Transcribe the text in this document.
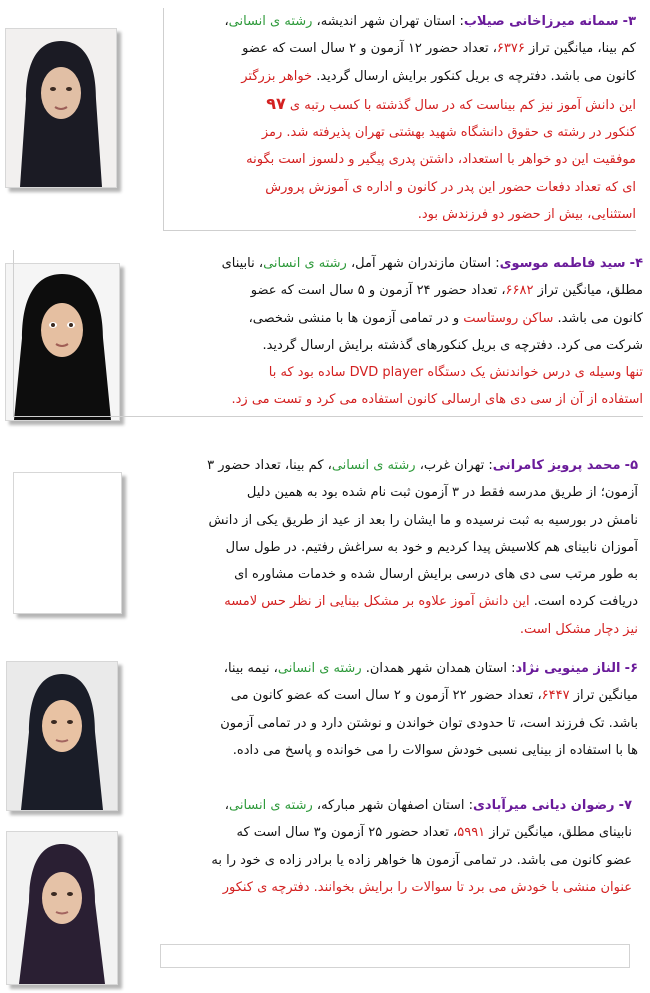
۳- سمانه میرزاخانی صیلاب: استان تهران شهر اندیشه، رشته ی انسانی،
کم بینا، میانگین تراز ۶۳۷۶، تعداد حضور ۱۲ آزمون و ۲ سال است که عضو
کانون می باشد. دفترچه ی بریل کنکور برایش ارسال گردید. خواهر بزرگتر
این دانش آموز نیز کم بیناست که در سال گذشته با کسب رتبه ی ۹۷
کنکور در رشته ی حقوق دانشگاه شهید بهشتی تهران پذیرفته شد. رمز
موفقیت این دو خواهر با استعداد، داشتن پدری پیگیر و دلسوز است بگونه
ای که تعداد دفعات حضور این پدر در کانون و اداره ی آموزش پرورش
استثنایی، بیش از حضور دو فرزندش بود.
۴- سید فاطمه موسوی: استان مازندران شهر آمل، رشته ی انسانی، نابینای
مطلق، میانگین تراز ۶۶۸۲، تعداد حضور ۲۴ آزمون و ۵ سال است که عضو
کانون می باشد. ساکن روستاست و در تمامی آزمون ها با منشی شخصی،
شرکت می کرد. دفترچه ی بریل کنکورهای گذشته برایش ارسال گردید.
تنها وسیله ی درس خواندنش یک دستگاه DVD player ساده بود که با
استفاده از آن از سی دی های ارسالی کانون استفاده می کرد و تست می زد.
۵- محمد پرویز کامرانی: تهران غرب، رشته ی انسانی، کم بینا، تعداد حضور ۳
آزمون؛ از طریق مدرسه فقط در ۳ آزمون ثبت نام شده بود به همین دلیل
نامش در بورسیه به ثبت نرسیده و ما ایشان را بعد از عید از طریق یکی از دانش
آموزان نابینای هم کلاسیش پیدا کردیم و خود به سراغش رفتیم. در طول سال
به طور مرتب سی دی های درسی برایش ارسال شده و خدمات مشاوره ای
دریافت کرده است. این دانش آموز علاوه بر مشکل بینایی از نظر حس لامسه
نیز دچار مشکل است.
۶- الناز مینویی نژاد: استان همدان شهر همدان. رشته ی انسانی، نیمه بینا،
میانگین تراز ۶۴۴۷، تعداد حضور ۲۲ آزمون و ۲ سال است که عضو کانون می
باشد. تک فرزند است، تا حدودی توان خواندن و نوشتن دارد و در تمامی آزمون
ها با استفاده از بینایی نسبی خودش سوالات را می خوانده و پاسخ می داده.
۷- رضوان دیانی میرآبادی: استان اصفهان شهر مبارکه، رشته ی انسانی،
نابینای مطلق، میانگین تراز ۵۹۹۱، تعداد حضور ۲۵ آزمون و۳ سال است که
عضو کانون می باشد. در تمامی آزمون ها خواهر زاده یا برادر زاده ی خود را به
عنوان منشی با خودش می برد تا سوالات را برایش بخوانند. دفترچه ی کنکور
